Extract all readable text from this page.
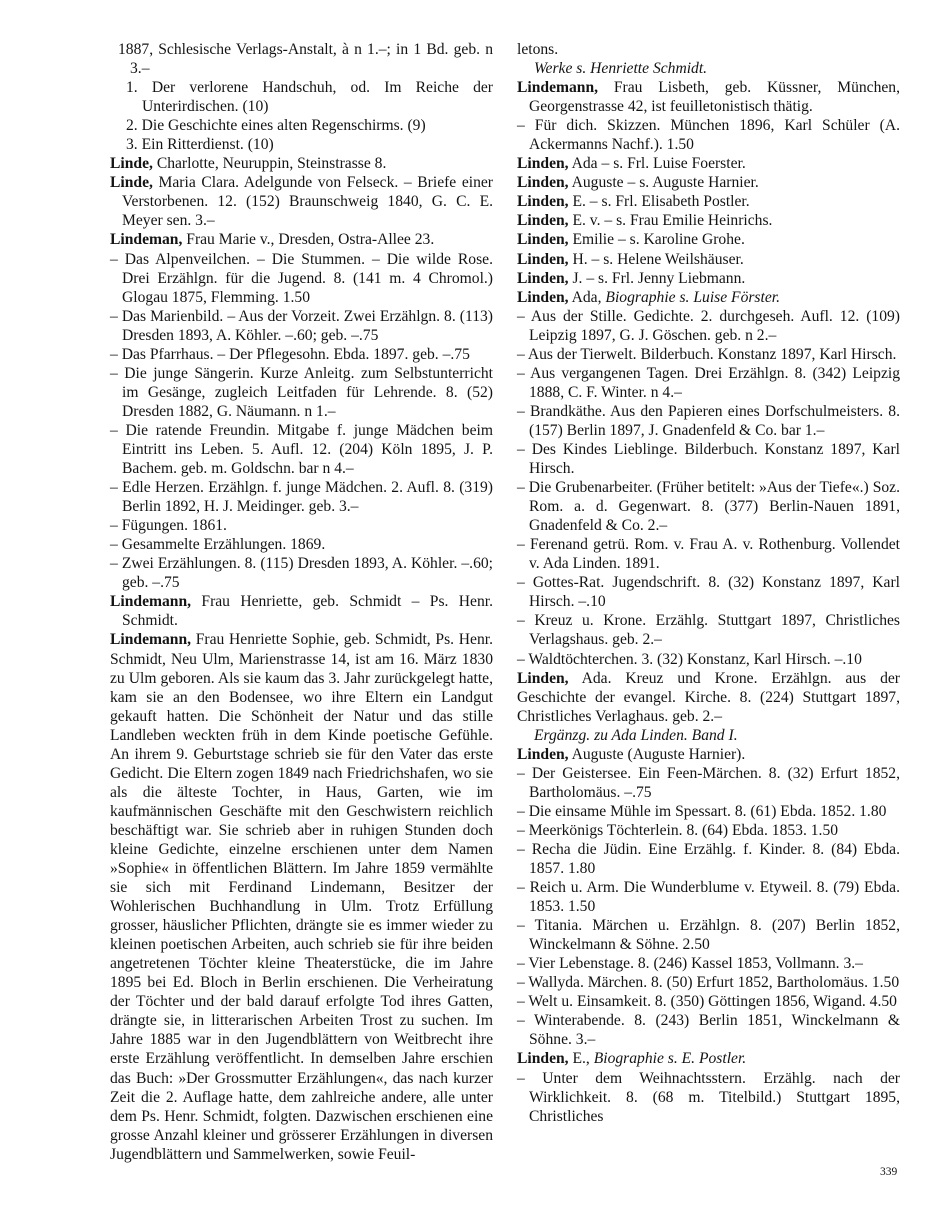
1887, Schlesische Verlags-Anstalt, à n 1.–; in 1 Bd. geb. n 3.–

1. Der verlorene Handschuh, od. Im Reiche der Unterirdischen. (10)

2. Die Geschichte eines alten Regenschirms. (9)

3. Ein Ritterdienst. (10)

Linde, Charlotte, Neuruppin, Steinstrasse 8.

Linde, Maria Clara. Adelgunde von Felseck. – Briefe einer Verstorbenen. 12. (152) Braunschweig 1840, G. C. E. Meyer sen. 3.–

Lindeman, Frau Marie v., Dresden, Ostra-Allee 23.

– Das Alpenveilchen. – Die Stummen. – Die wilde Rose. Drei Erzählgn. für die Jugend. 8. (141 m. 4 Chromol.) Glogau 1875, Flemming. 1.50

– Das Marienbild. – Aus der Vorzeit. Zwei Erzählgn. 8. (113) Dresden 1893, A. Köhler. –.60; geb. –.75

– Das Pfarrhaus. – Der Pflegesohn. Ebda. 1897. geb. –.75

– Die junge Sängerin. Kurze Anleitg. zum Selbstunterricht im Gesänge, zugleich Leitfaden für Lehrende. 8. (52) Dresden 1882, G. Näumann. n 1.–

– Die ratende Freundin. Mitgabe f. junge Mädchen beim Eintritt ins Leben. 5. Aufl. 12. (204) Köln 1895, J. P. Bachem. geb. m. Goldschn. bar n 4.–

– Edle Herzen. Erzählgn. f. junge Mädchen. 2. Aufl. 8. (319) Berlin 1892, H. J. Meidinger. geb. 3.–

– Fügungen. 1861.

– Gesammelte Erzählungen. 1869.

– Zwei Erzählungen. 8. (115) Dresden 1893, A. Köhler. –.60; geb. –.75

Lindemann, Frau Henriette, geb. Schmidt – Ps. Henr. Schmidt.

Lindemann, Frau Henriette Sophie, geb. Schmidt, Ps. Henr. Schmidt, Neu Ulm, Marienstrasse 14, ist am 16. März 1830 zu Ulm geboren. Als sie kaum das 3. Jahr zurückgelegt hatte, kam sie an den Bodensee, wo ihre Eltern ein Landgut gekauft hatten. Die Schönheit der Natur und das stille Landleben weckten früh in dem Kinde poetische Gefühle. An ihrem 9. Geburtstage schrieb sie für den Vater das erste Gedicht. Die Eltern zogen 1849 nach Friedrichshafen, wo sie als die älteste Tochter, in Haus, Garten, wie im kaufmännischen Geschäfte mit den Geschwistern reichlich beschäftigt war. Sie schrieb aber in ruhigen Stunden doch kleine Gedichte, einzelne erschienen unter dem Namen »Sophie« in öffentlichen Blättern. Im Jahre 1859 vermählte sie sich mit Ferdinand Lindemann, Besitzer der Wohlerischen Buchhandlung in Ulm. Trotz Erfüllung grosser, häuslicher Pflichten, drängte sie es immer wieder zu kleinen poetischen Arbeiten, auch schrieb sie für ihre beiden angetretenen Töchter kleine Theaterstücke, die im Jahre 1895 bei Ed. Bloch in Berlin erschienen. Die Verheiratung der Töchter und der bald darauf erfolgte Tod ihres Gatten, drängte sie, in litterarischen Arbeiten Trost zu suchen. Im Jahre 1885 war in den Jugendblättern von Weitbrecht ihre erste Erzählung veröffentlicht. In demselben Jahre erschien das Buch: »Der Grossmutter Erzählungen«, das nach kurzer Zeit die 2. Auflage hatte, dem zahlreiche andere, alle unter dem Ps. Henr. Schmidt, folgten. Dazwischen erschienen eine grosse Anzahl kleiner und grösserer Erzählungen in diversen Jugendblättern und Sammelwerken, sowie Feuil-

letons.

Werke s. Henriette Schmidt.

Lindemann, Frau Lisbeth, geb. Küssner, München, Georgenstrasse 42, ist feuilletonistisch thätig.

– Für dich. Skizzen. München 1896, Karl Schüler (A. Ackermanns Nachf.). 1.50

Linden, Ada – s. Frl. Luise Foerster.

Linden, Auguste – s. Auguste Harnier.

Linden, E. – s. Frl. Elisabeth Postler.

Linden, E. v. – s. Frau Emilie Heinrichs.

Linden, Emilie – s. Karoline Grohe.

Linden, H. – s. Helene Weilshäuser.

Linden, J. – s. Frl. Jenny Liebmann.

Linden, Ada, Biographie s. Luise Förster.

– Aus der Stille. Gedichte. 2. durchgeseh. Aufl. 12. (109) Leipzig 1897, G. J. Göschen. geb. n 2.–

– Aus der Tierwelt. Bilderbuch. Konstanz 1897, Karl Hirsch.

– Aus vergangenen Tagen. Drei Erzählgn. 8. (342) Leipzig 1888, C. F. Winter. n 4.–

– Brandkäthe. Aus den Papieren eines Dorfschulmeisters. 8. (157) Berlin 1897, J. Gnadenfeld & Co. bar 1.–

– Des Kindes Lieblinge. Bilderbuch. Konstanz 1897, Karl Hirsch.

– Die Grubenarbeiter. (Früher betitelt: »Aus der Tiefe«.) Soz. Rom. a. d. Gegenwart. 8. (377) Berlin-Nauen 1891, Gnadenfeld & Co. 2.–

– Ferenand getrü. Rom. v. Frau A. v. Rothenburg. Vollendet v. Ada Linden. 1891.

– Gottes-Rat. Jugendschrift. 8. (32) Konstanz 1897, Karl Hirsch. –.10

– Kreuz u. Krone. Erzählg. Stuttgart 1897, Christliches Verlagshaus. geb. 2.–

– Waldtöchterchen. 3. (32) Konstanz, Karl Hirsch. –.10

Linden, Ada. Kreuz und Krone. Erzählgn. aus der Geschichte der evangel. Kirche. 8. (224) Stuttgart 1897, Christliches Verlaghaus. geb. 2.–

Ergänzg. zu Ada Linden. Band I.

Linden, Auguste (Auguste Harnier).

– Der Geistersee. Ein Feen-Märchen. 8. (32) Erfurt 1852, Bartholomäus. –.75

– Die einsame Mühle im Spessart. 8. (61) Ebda. 1852. 1.80

– Meerkönigs Töchterlein. 8. (64) Ebda. 1853. 1.50

– Recha die Jüdin. Eine Erzählg. f. Kinder. 8. (84) Ebda. 1857. 1.80

– Reich u. Arm. Die Wunderblume v. Etyweil. 8. (79) Ebda. 1853. 1.50

– Titania. Märchen u. Erzählgn. 8. (207) Berlin 1852, Winckelmann & Söhne. 2.50

– Vier Lebenstage. 8. (246) Kassel 1853, Vollmann. 3.–

– Wallyda. Märchen. 8. (50) Erfurt 1852, Bartholomäus. 1.50

– Welt u. Einsamkeit. 8. (350) Göttingen 1856, Wigand. 4.50

– Winterabende. 8. (243) Berlin 1851, Winckelmann & Söhne. 3.–

Linden, E., Biographie s. E. Postler.

– Unter dem Weihnachtsstern. Erzählg. nach der Wirklichkeit. 8. (68 m. Titelbild.) Stuttgart 1895, Christliches

339
